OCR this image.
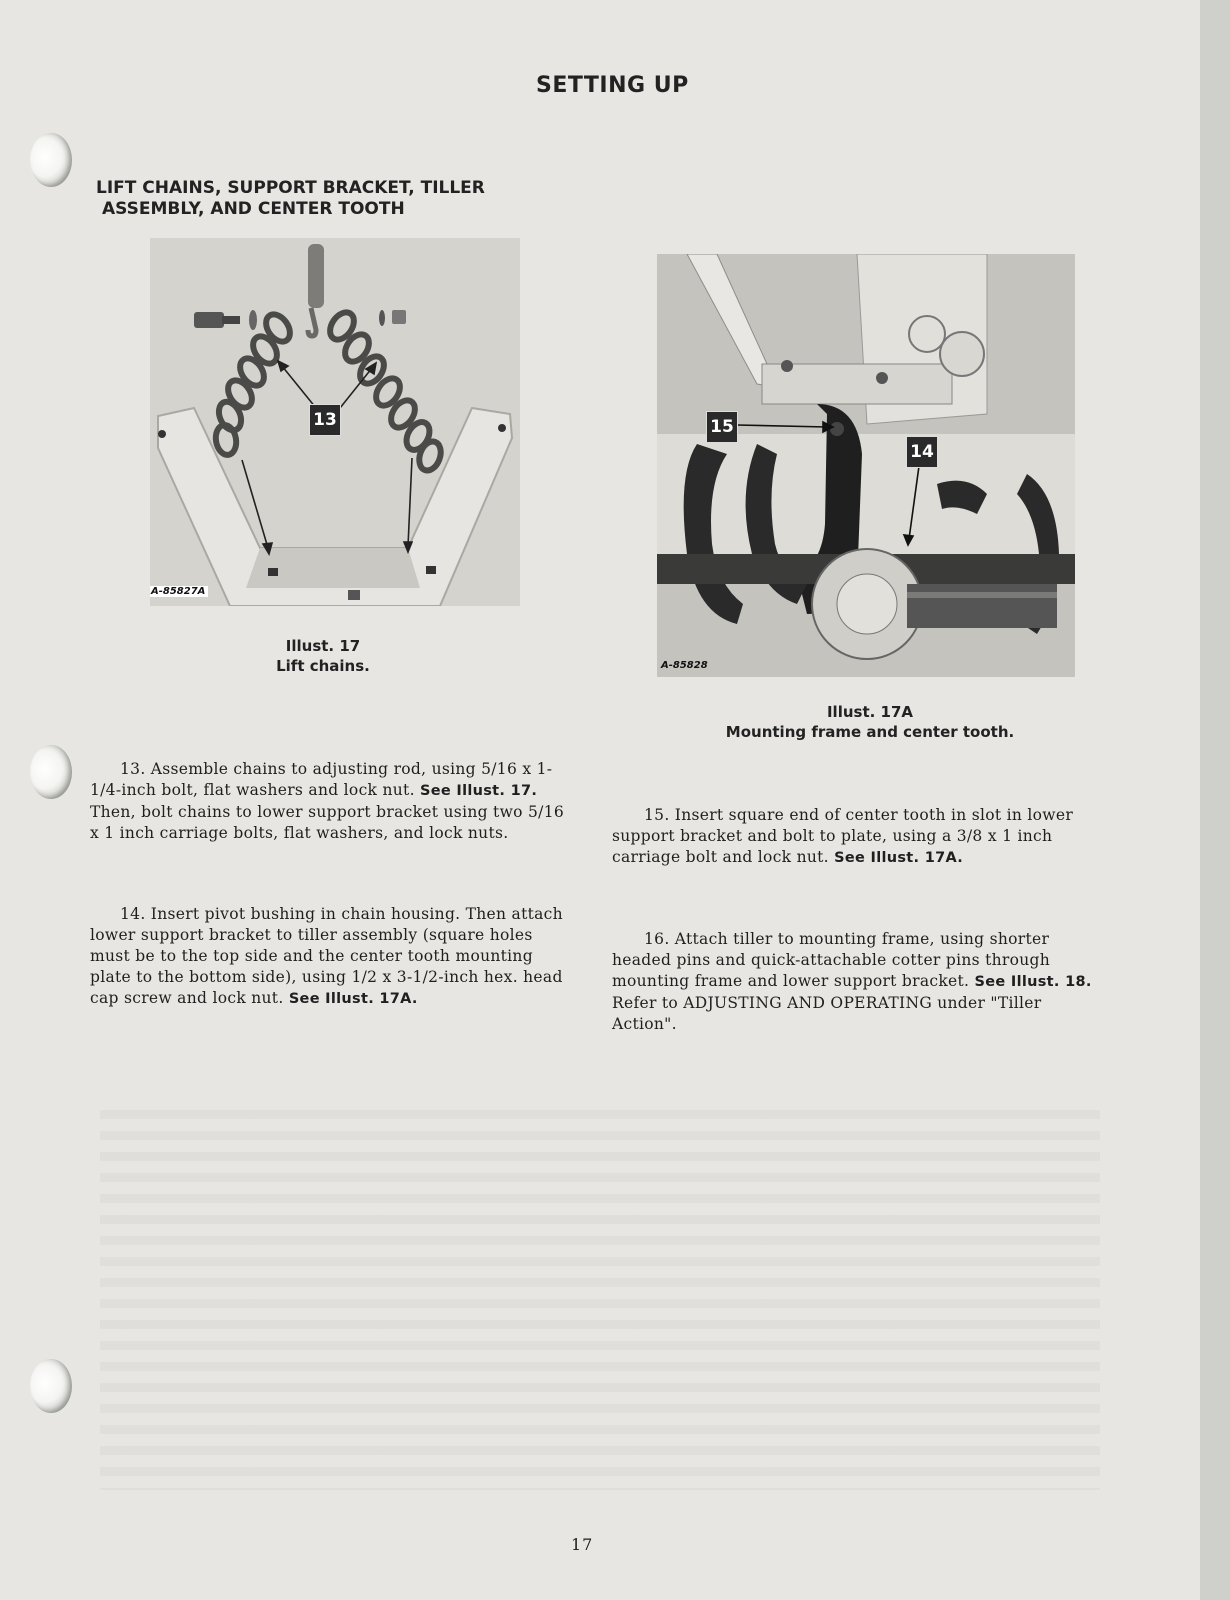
SETTING UP
LIFT CHAINS, SUPPORT BRACKET, TILLER
ASSEMBLY, AND CENTER TOOTH
13
A-85827A
Illust. 17
Lift chains.
15
14
A-85828
Illust. 17A
Mounting frame and center tooth.
13. Assemble chains to adjusting rod, using 5/16 x 1-1/4-inch bolt, flat washers and lock nut. See Illust. 17. Then, bolt chains to lower support bracket using two 5/16 x 1 inch carriage bolts, flat washers, and lock nuts.
14. Insert pivot bushing in chain housing. Then attach lower support bracket to tiller assembly (square holes must be to the top side and the center tooth mounting plate to the bottom side), using 1/2 x 3-1/2-inch hex. head cap screw and lock nut. See Illust. 17A.
15. Insert square end of center tooth in slot in lower support bracket and bolt to plate, using a 3/8 x 1 inch carriage bolt and lock nut. See Illust. 17A.
16. Attach tiller to mounting frame, using shorter headed pins and quick-attachable cotter pins through mounting frame and lower support bracket. See Illust. 18. Refer to ADJUSTING AND OPERATING under "Tiller Action".
17
